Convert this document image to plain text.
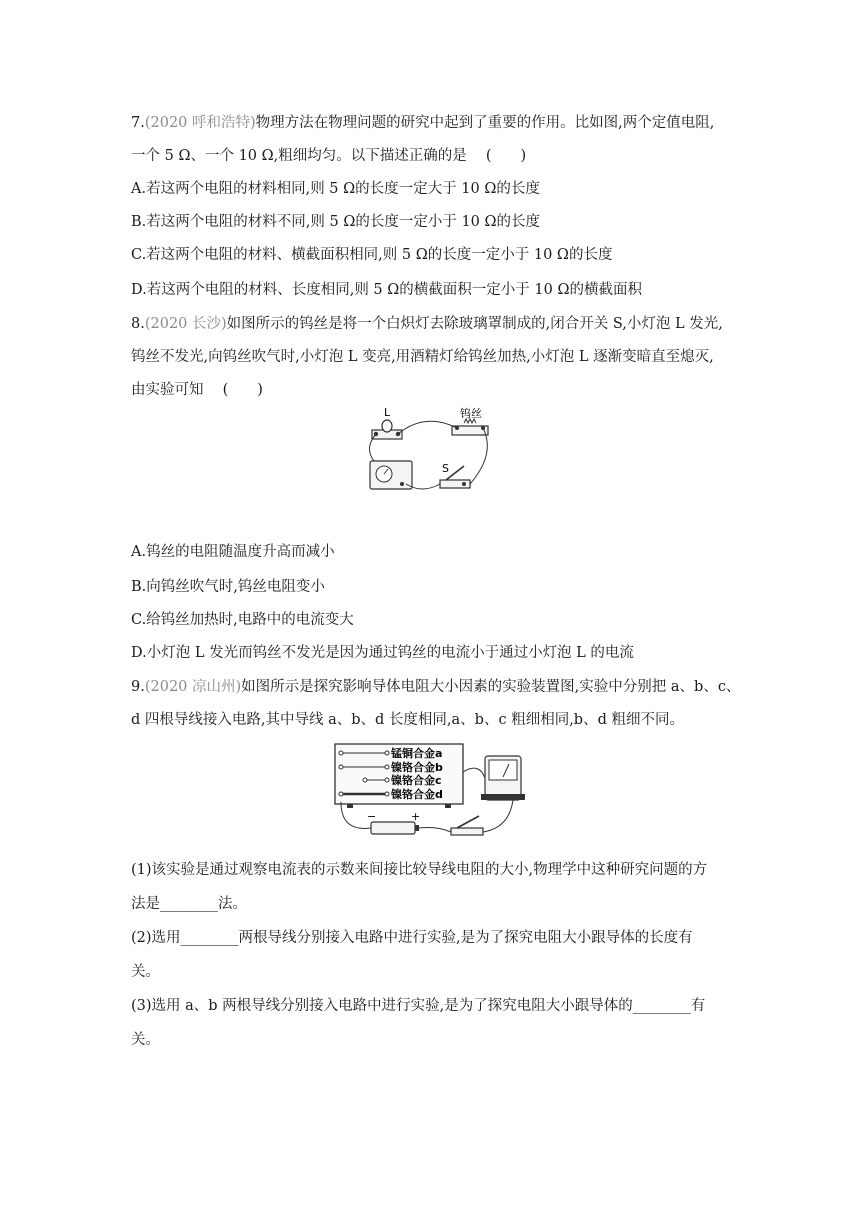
7.(2020 呼和浩特)物理方法在物理问题的研究中起到了重要的作用。比如图,两个定值电阻,
一个 5 Ω、一个 10 Ω,粗细均匀。以下描述正确的是　 (　　)
A.若这两个电阻的材料相同,则 5 Ω的长度一定大于 10 Ω的长度
B.若这两个电阻的材料不同,则 5 Ω的长度一定小于 10 Ω的长度
C.若这两个电阻的材料、横截面积相同,则 5 Ω的长度一定小于 10 Ω的长度
D.若这两个电阻的材料、长度相同,则 5 Ω的横截面积一定小于 10 Ω的横截面积
8.(2020 长沙)如图所示的钨丝是将一个白炽灯去除玻璃罩制成的,闭合开关 S,小灯泡 L 发光,
钨丝不发光,向钨丝吹气时,小灯泡 L 变亮,用酒精灯给钨丝加热,小灯泡 L 逐渐变暗直至熄灭,
由实验可知　 (　　)
L	钨丝
S
A.钨丝的电阻随温度升高而减小
B.向钨丝吹气时,钨丝电阻变小
C.给钨丝加热时,电路中的电流变大
D.小灯泡 L 发光而钨丝不发光是因为通过钨丝的电流小于通过小灯泡 L 的电流
9.(2020 凉山州)如图所示是探究影响导体电阻大小因素的实验装置图,实验中分别把 a、b、c、
d 四根导线接入电路,其中导线 a、b、d 长度相同,a、b、c 粗细相同,b、d 粗细不同。
锰铜合金a
镍铬合金b
镍铬合金c
镍铬合金d
−	+
(1)该实验是通过观察电流表的示数来间接比较导线电阻的大小,物理学中这种研究问题的方
法是________法。
(2)选用________两根导线分别接入电路中进行实验,是为了探究电阻大小跟导体的长度有
关。
(3)选用 a、b 两根导线分别接入电路中进行实验,是为了探究电阻大小跟导体的________有
关。
